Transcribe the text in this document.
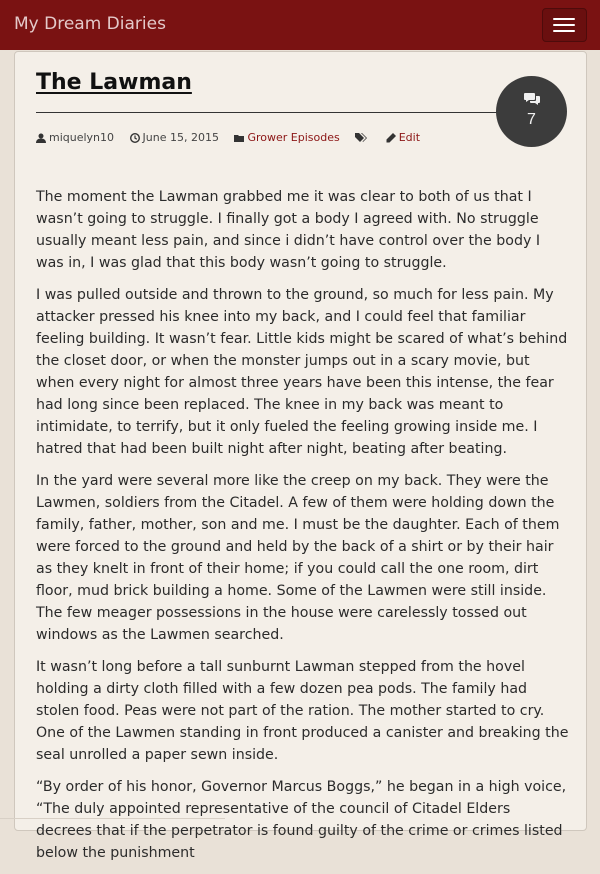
My Dream Diaries
The Lawman
7
miquelyn10
	June 15, 2015
	Grower Episodes

	Edit

The moment the Lawman grabbed me it was clear to both of us that I wasn’t going to struggle. I finally got a body I agreed with. No struggle usually meant less pain, and since i didn’t have control over the body I was in, I was glad that this body wasn’t going to struggle.

I was pulled outside and thrown to the ground, so much for less pain. My attacker pressed his knee into my back, and I could feel that familiar feeling building. It wasn’t fear. Little kids might be scared of what’s behind the closet door, or when the monster jumps out in a scary movie, but when every night for almost three years have been this intense, the fear had long since been replaced. The knee in my back was meant to intimidate, to terrify, but it only fueled the feeling growing inside me. I hatred that had been built night after night, beating after beating.

In the yard were several more like the creep on my back. They were the Lawmen, soldiers from the Citadel. A few of them were holding down the family, father, mother, son and me. I must be the daughter. Each of them were forced to the ground and held by the back of a shirt or by their hair as they knelt in front of their home; if you could call the one room, dirt floor, mud brick building a home. Some of the Lawmen were still inside. The few meager possessions in the house were carelessly tossed out windows as the Lawmen searched.

It wasn’t long before a tall sunburnt Lawman stepped from the hovel holding a dirty cloth filled with a few dozen pea pods. The family had stolen food. Peas were not part of the ration. The mother started to cry. One of the Lawmen standing in front produced a canister and breaking the seal unrolled a paper sewn inside.

“By order of his honor, Governor Marcus Boggs,” he began in a high voice, “The duly appointed representative of the council of Citadel Elders decrees that if the perpetrator is found guilty of the crime or crimes listed below the punishment
